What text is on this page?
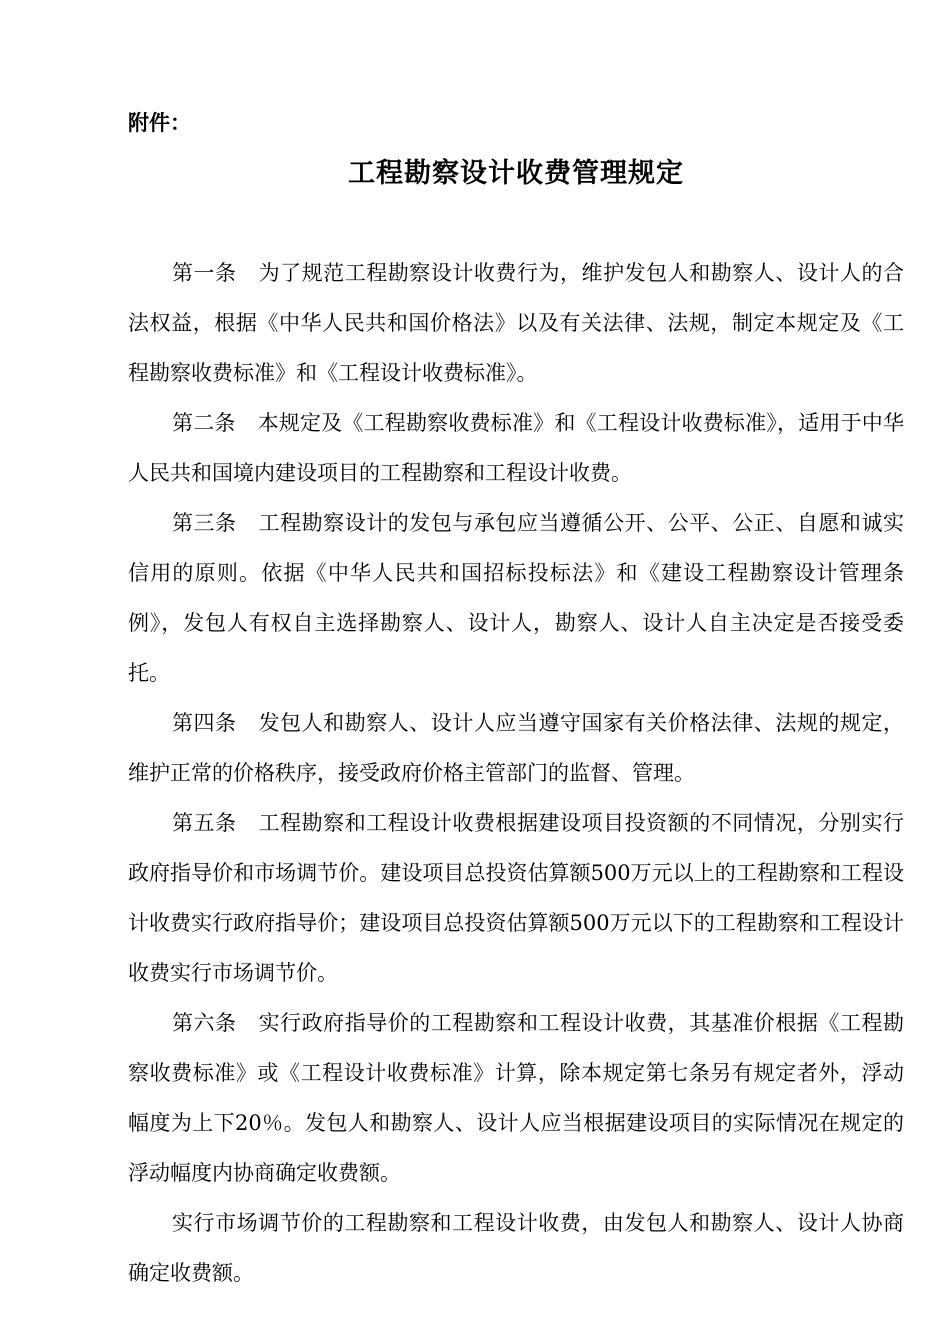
附件：

工程勘察设计收费管理规定

第一条 为了规范工程勘察设计收费行为，维护发包人和勘察人、设计人的合法权益，根据《中华人民共和国价格法》以及有关法律、法规，制定本规定及《工程勘察收费标准》和《工程设计收费标准》。

第二条 本规定及《工程勘察收费标准》和《工程设计收费标准》，适用于中华人民共和国境内建设项目的工程勘察和工程设计收费。

第三条 工程勘察设计的发包与承包应当遵循公开、公平、公正、自愿和诚实信用的原则。依据《中华人民共和国招标投标法》和《建设工程勘察设计管理条例》，发包人有权自主选择勘察人、设计人，勘察人、设计人自主决定是否接受委托。

第四条 发包人和勘察人、设计人应当遵守国家有关价格法律、法规的规定，维护正常的价格秩序，接受政府价格主管部门的监督、管理。

第五条 工程勘察和工程设计收费根据建设项目投资额的不同情况，分别实行政府指导价和市场调节价。建设项目总投资估算额500万元以上的工程勘察和工程设计收费实行政府指导价；建设项目总投资估算额500万元以下的工程勘察和工程设计收费实行市场调节价。

第六条 实行政府指导价的工程勘察和工程设计收费，其基准价根据《工程勘察收费标准》或《工程设计收费标准》计算，除本规定第七条另有规定者外，浮动幅度为上下20％。发包人和勘察人、设计人应当根据建设项目的实际情况在规定的浮动幅度内协商确定收费额。

实行市场调节价的工程勘察和工程设计收费，由发包人和勘察人、设计人协商确定收费额。
